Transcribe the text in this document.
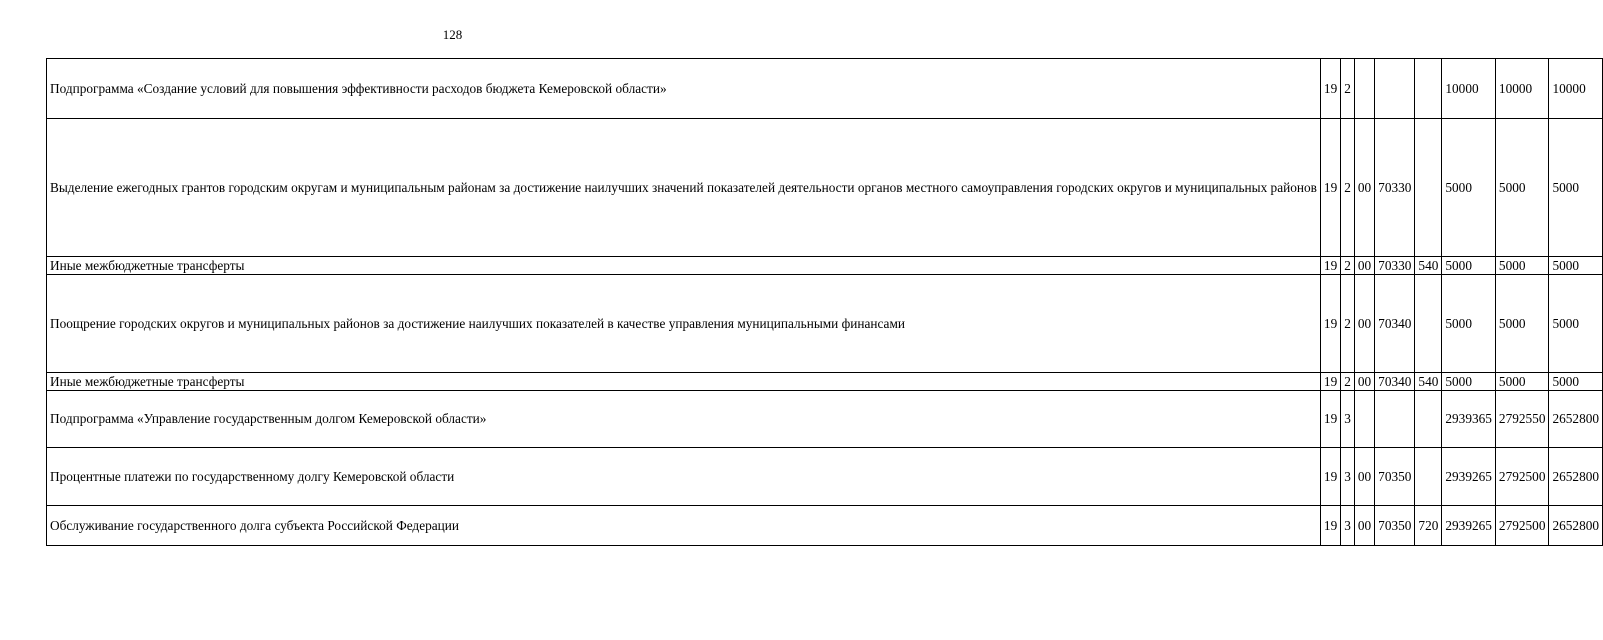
128
Подпрограмма «Создание условий для повышения эффективности расходов бюджета Кемеровской области»	19	2				10000	10000	10000
Выделение ежегодных грантов городским округам и муниципальным районам за достижение наилучших значений показателей деятельности органов местного самоуправления городских округов и муниципальных районов	19	2	00	70330		5000	5000	5000
Иные межбюджетные трансферты	19	2	00	70330	540	5000	5000	5000
Поощрение городских округов и муниципальных районов за достижение наилучших показателей в качестве управления муниципальными финансами	19	2	00	70340		5000	5000	5000
Иные межбюджетные трансферты	19	2	00	70340	540	5000	5000	5000
Подпрограмма «Управление государственным долгом Кемеровской области»	19	3				2939365	2792550	2652800
Процентные платежи по государственному долгу Кемеровской области	19	3	00	70350		2939265	2792500	2652800
Обслуживание государственного долга субъекта Российской Федерации	19	3	00	70350	720	2939265	2792500	2652800
